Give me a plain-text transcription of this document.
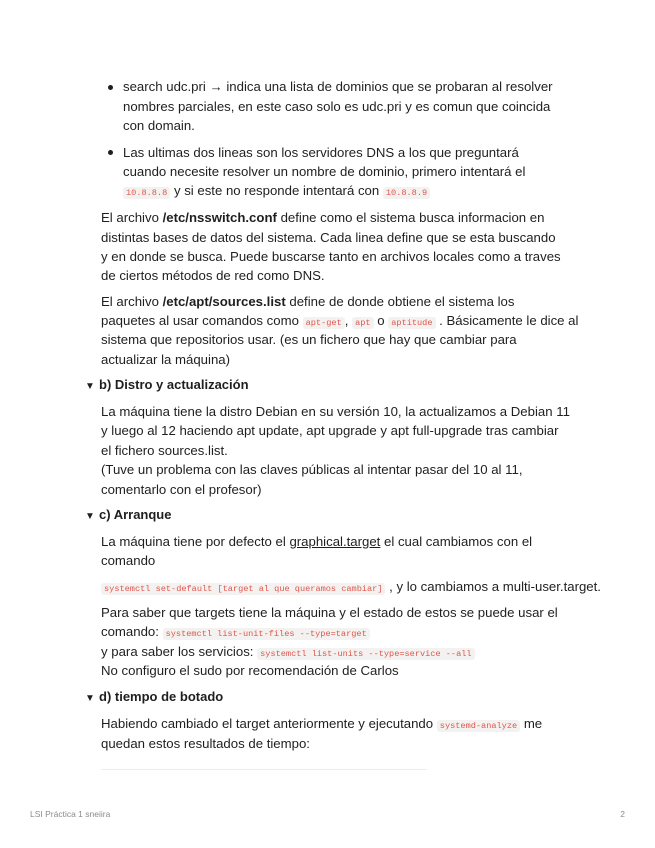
search udc.pri → indica una lista de dominios que se probaran al resolver
nombres parciales, en este caso solo es udc.pri y es comun que coincida
con domain.
Las ultimas dos lineas son los servidores DNS a los que preguntará
cuando necesite resolver un nombre de dominio, primero intentará el
10.8.8.8 y si este no responde intentará con 10.8.8.9
El archivo /etc/nsswitch.conf define como el sistema busca informacion en
distintas bases de datos del sistema. Cada linea define que se esta buscando
y en donde se busca. Puede buscarse tanto en archivos locales como a traves
de ciertos métodos de red como DNS.
El archivo /etc/apt/sources.list define de donde obtiene el sistema los
paquetes al usar comandos como apt-get , apt o aptitude . Básicamente le dice al
sistema que repositorios usar. (es un fichero que hay que cambiar para
actualizar la máquina)
▼ b) Distro y actualización
La máquina tiene la distro Debian en su versión 10, la actualizamos a Debian 11
y luego al 12 haciendo apt update, apt upgrade y apt full-upgrade tras cambiar
el fichero sources.list.
(Tuve un problema con las claves públicas al intentar pasar del 10 al 11,
comentarlo con el profesor)
▼ c) Arranque
La máquina tiene por defecto el graphical.target el cual cambiamos con el
comando
systemctl set-default [target al que queramos cambiar] , y lo cambiamos a multi-user.target.
Para saber que targets tiene la máquina y el estado de estos se puede usar el
comando: systemctl list-unit-files --type=target
y para saber los servicios: systemctl list-units --type=service --all
No configuro el sudo por recomendación de Carlos
▼ d) tiempo de botado
Habiendo cambiado el target anteriormente y ejecutando systemd-analyze me
quedan estos resultados de tiempo:
LSI Práctica 1 sneiira	2
